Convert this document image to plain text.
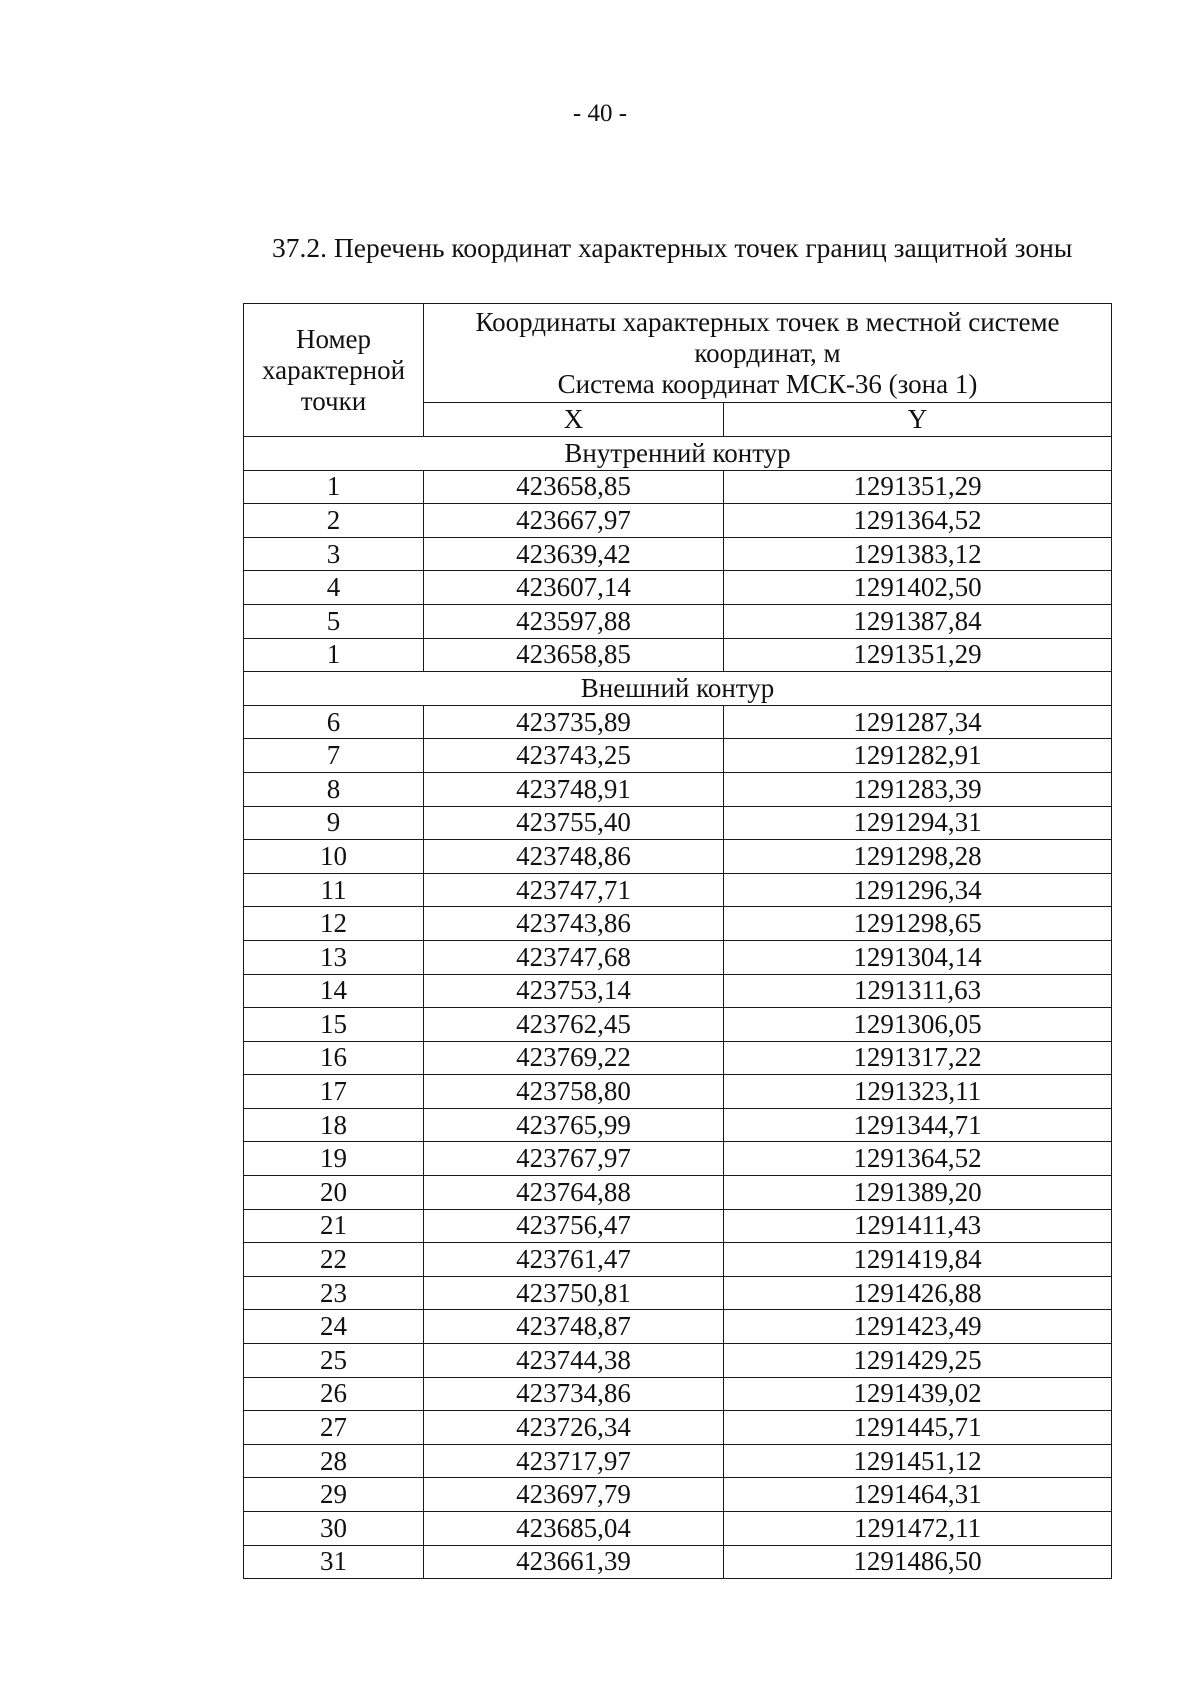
- 40 -
37.2. Перечень координат характерных точек границ защитной зоны
Номер характерной точки	Координаты характерных точек в местной системе координат, м
Система координат МСК-36 (зона 1)	

	X	Y
Внутренний контур		
1	423658,85	1291351,29
2	423667,97	1291364,52
3	423639,42	1291383,12
4	423607,14	1291402,50
5	423597,88	1291387,84
1	423658,85	1291351,29
Внешний контур		
6	423735,89	1291287,34
7	423743,25	1291282,91
8	423748,91	1291283,39
9	423755,40	1291294,31
10	423748,86	1291298,28
11	423747,71	1291296,34
12	423743,86	1291298,65
13	423747,68	1291304,14
14	423753,14	1291311,63
15	423762,45	1291306,05
16	423769,22	1291317,22
17	423758,80	1291323,11
18	423765,99	1291344,71
19	423767,97	1291364,52
20	423764,88	1291389,20
21	423756,47	1291411,43
22	423761,47	1291419,84
23	423750,81	1291426,88
24	423748,87	1291423,49
25	423744,38	1291429,25
26	423734,86	1291439,02
27	423726,34	1291445,71
28	423717,97	1291451,12
29	423697,79	1291464,31
30	423685,04	1291472,11
31	423661,39	1291486,50
